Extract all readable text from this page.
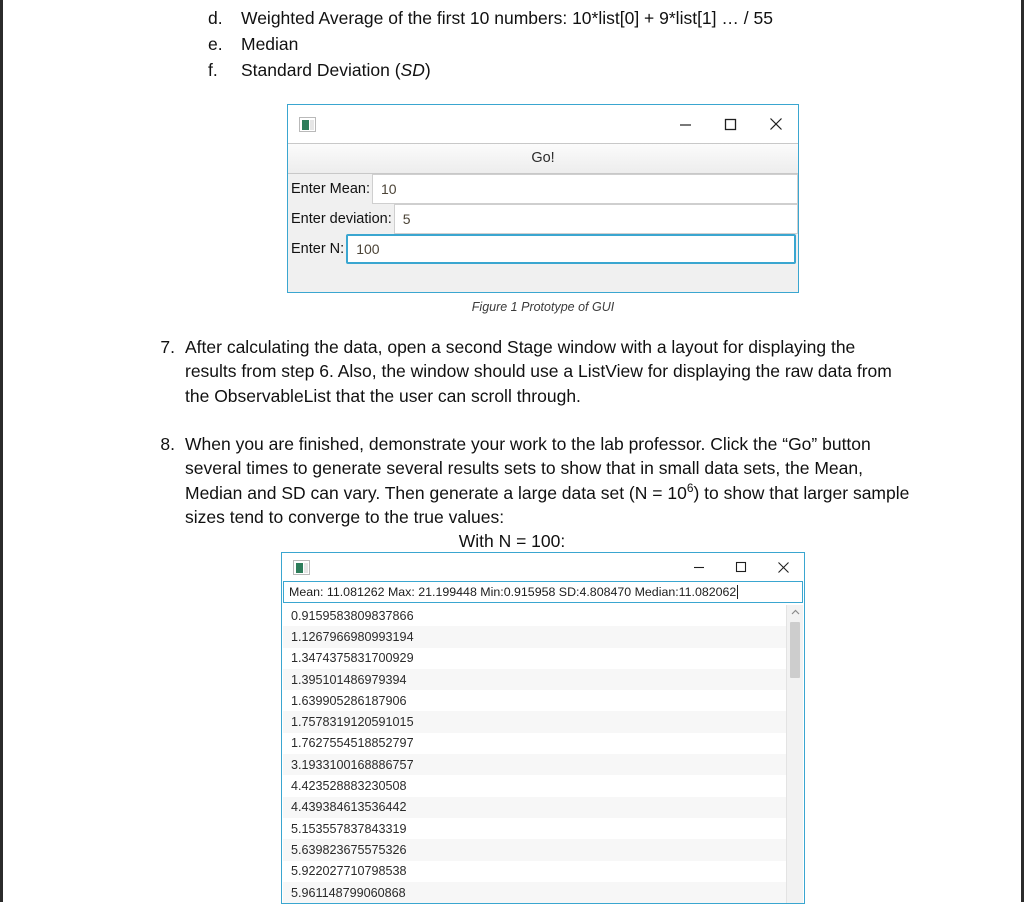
d.	Weighted Average of the first 10 numbers: 10*list[0] + 9*list[1] … / 55
e.	Median
f.	Standard Deviation (SD)
Go!
Enter Mean: 10
Enter deviation: 5
Enter N: 100
Figure 1 Prototype of GUI
7. After calculating the data, open a second Stage window with a layout for displaying the results from step 6. Also, the window should use a ListView for displaying the raw data from the ObservableList that the user can scroll through.
8. When you are finished, demonstrate your work to the lab professor. Click the “Go” button several times to generate several results sets to show that in small data sets, the Mean, Median and SD can vary. Then generate a large data set $(N = 10^6)$ to show that larger sample sizes tend to converge to the true values:
With N = 100:
Mean: 11.081262 Max: 21.199448 Min:0.915958 SD:4.808470 Median:11.082062
0.9159583809837866
1.1267966980993194
1.3474375831700929
1.395101486979394
1.639905286187906
1.7578319120591015
1.7627554518852797
3.1933100168886757
4.423528883230508
4.439384613536442
5.153557837843319
5.639823675575326
5.922027710798538
5.961148799060868
